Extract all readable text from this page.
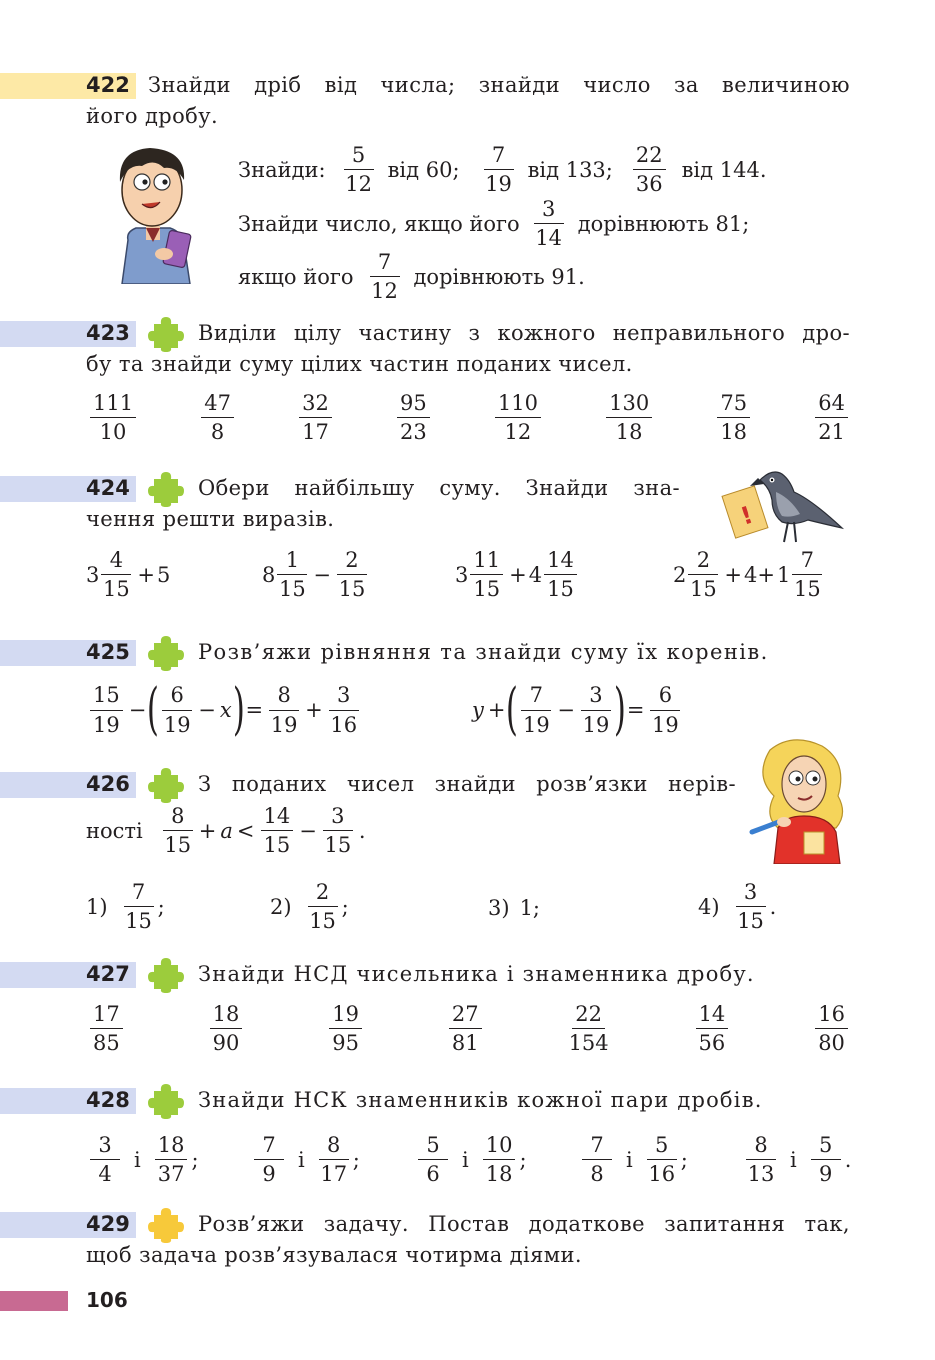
422 Знайди дріб від числа; знайди число за величиною
його дробу.
Знайди: $\frac{5}{12}$ від 60; $\frac{7}{19}$ від 133; $\frac{22}{36}$ від 144.
Знайди число, якщо його $\frac{3}{14}$ дорівнюють 81;
якщо його $\frac{7}{12}$ дорівнюють 91.
423	Виділи цілу частину з кожного неправильного дро-
бу та знайди суму цілих частин поданих чисел.
$\frac{111}{10}$	$\frac{47}{8}$	$\frac{32}{17}$	$\frac{95}{23}$	$\frac{110}{12}$	$\frac{130}{18}$	$\frac{75}{18}$	$\frac{64}{21}$
424	Обери найбільшу суму. Знайди зна-
чення решти виразів.	!
$3 \frac{4}{15} + 5$	$8 \frac{1}{15} - \frac{2}{15}$	$3 \frac{11}{15} + 4 \frac{14}{15}$	$2 \frac{2}{15} + 4 + 1 \frac{7}{15}$
425	Розв’яжи рівняння та знайди суму їх коренів.
$\frac{15}{19}$ − ( $\frac{6}{19} - x$ ) = $\frac{8}{19} + \frac{3}{16}$	y + ( $\frac{7}{19} - \frac{3}{19}$ ) = $\frac{6}{19}$
426	З поданих чисел знайди розв’язки нерів-
ності $\frac{8}{15} + a < \frac{14}{15} - \frac{3}{15}$ .
$1) \frac{7}{15}$ ;	$2) \frac{2}{15}$ ;	3) 1;	$4) \frac{3}{15}$ .
427	Знайди НСД чисельника і знаменника дробу.
$\frac{17}{85}$	$\frac{18}{90}$	$\frac{19}{95}$	$\frac{27}{81}$	$\frac{22}{154}$	$\frac{14}{56}$	$\frac{16}{80}$
428	Знайди НСК знаменників кожної пари дробів.
$\frac{3}{4}$ і $\frac{18}{37}$ ;	$\frac{7}{9}$ і $\frac{8}{17}$ ;	$\frac{5}{6}$ і $\frac{10}{18}$ ;	$\frac{7}{8}$ і $\frac{5}{16}$ ;	$\frac{8}{13}$ і $\frac{5}{9}$ .
429	Розв’яжи задачу. Постав додаткове запитання так,
щоб задача розв’язувалася чотирма діями.
106
